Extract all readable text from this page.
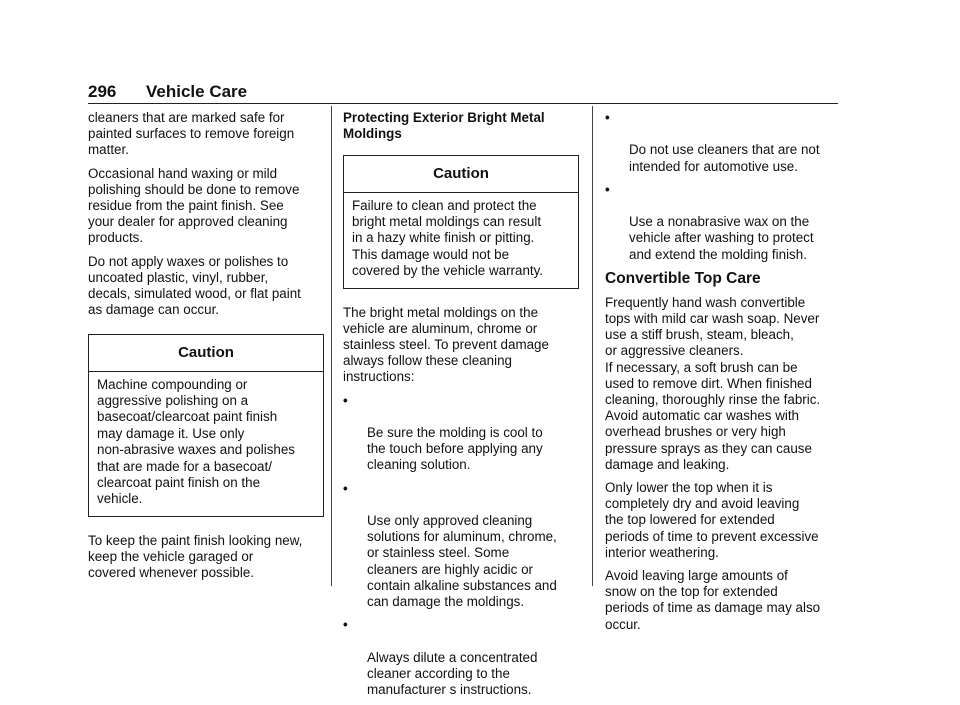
296 Vehicle Care

cleaners that are marked safe for
painted surfaces to remove foreign
matter.

Occasional hand waxing or mild
polishing should be done to remove
residue from the paint finish. See
your dealer for approved cleaning
products.

Do not apply waxes or polishes to
uncoated plastic, vinyl, rubber,
decals, simulated wood, or flat paint
as damage can occur.

Caution
Machine compounding or
aggressive polishing on a
basecoat/clearcoat paint finish
may damage it. Use only
non-abrasive waxes and polishes
that are made for a basecoat/
clearcoat paint finish on the
vehicle.

To keep the paint finish looking new,
keep the vehicle garaged or
covered whenever possible.

Protecting Exterior Bright Metal
Moldings
Caution
Failure to clean and protect the
bright metal moldings can result
in a hazy white finish or pitting.
This damage would not be
covered by the vehicle warranty.

The bright metal moldings on the
vehicle are aluminum, chrome or
stainless steel. To prevent damage
always follow these cleaning
instructions:

•

Be sure the molding is cool to
the touch before applying any
cleaning solution.

•

Use only approved cleaning
solutions for aluminum, chrome,
or stainless steel. Some
cleaners are highly acidic or
contain alkaline substances and
can damage the moldings.

•

Always dilute a concentrated
cleaner according to the
manufacturer s instructions.

•

Do not use cleaners that are not
intended for automotive use.

•

Use a nonabrasive wax on the
vehicle after washing to protect
and extend the molding finish.

Convertible Top Care

Frequently hand wash convertible
tops with mild car wash soap. Never
use a stiff brush, steam, bleach,
or aggressive cleaners.
If necessary, a soft brush can be
used to remove dirt. When finished
cleaning, thoroughly rinse the fabric.
Avoid automatic car washes with
overhead brushes or very high
pressure sprays as they can cause
damage and leaking.

Only lower the top when it is
completely dry and avoid leaving
the top lowered for extended
periods of time to prevent excessive
interior weathering.

Avoid leaving large amounts of
snow on the top for extended
periods of time as damage may also
occur.
